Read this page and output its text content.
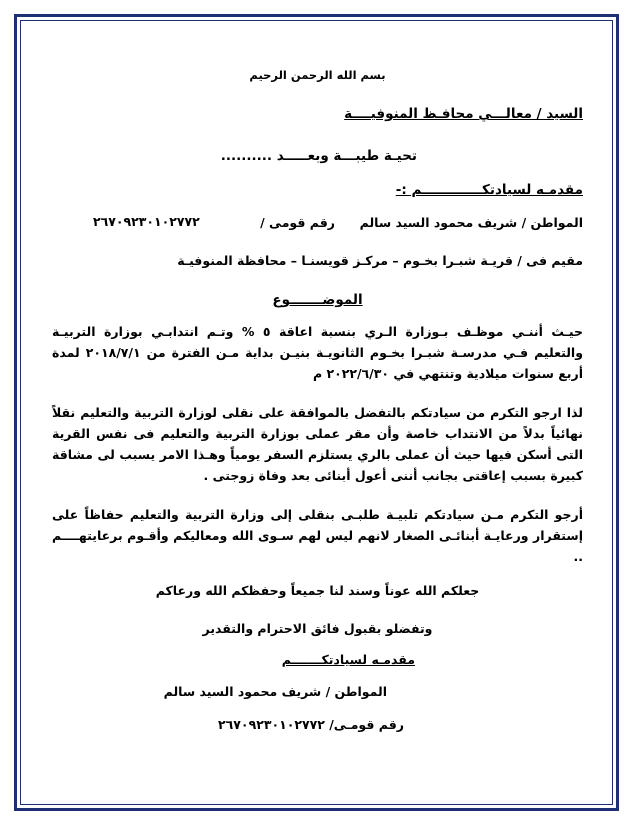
بسم الله الرحمن الرحيم
السيد / معالـــي محافـظ المنوفيــــة
تحيـة طيبـــة وبعـــــد ..........
مقدمـه لسيادتكـــــــــــــم :-
المواطن / شريف محمود السيد سالم
رقم قومى /
٢٦٧٠٩٢٣٠١٠٢٧٧٢
مقيم فى / قريـة شبـرا بخـوم – مركـز قويسنـا – محافظة المنوفيـة
الموضـــــــوع
حيـث أننـي موظـف بـوزارة الـري بنسبة اعاقة ٥ % وتـم انتدابـي بوزارة التربيـة والتعليم فـي مدرسـة شبـرا بخـوم الثانويـة بنيـن بداية مـن الفترة من ٢٠١٨/٧/١ لمدة أربع سنوات ميلادية وتنتهي في ٢٠٢٢/٦/٣٠ م
لذا ارجو التكرم من سيادتكم بالتفضل بالموافقة على نقلى لوزارة التربية والتعليم نقلاً نهائياً بدلاً من الانتداب خاصة وأن مقر عملى بوزارة التربية والتعليم فى نفس القرية التى أسكن فيها حيث أن عملى بالري يستلزم السفر يومياً وهـذا الامر يسبب لى مشاقة كبيرة بسبب إعاقتى بجانب أننى أعول أبنائى بعد وفاة زوجتى .
أرجو التكرم مـن سيادتكم تلبيـة طلبـى بنقلى إلى وزارة التربية والتعليم حفاظاً على إستقرار ورعايـة أبنائـى الصغار لانهم ليس لهم سـوى الله ومعاليكم وأقـوم برعايتهــــم ..
جعلكم الله عوناً وسند لنا جميعاً وحفظكم الله ورعاكم
وتفضلو بقبول فائق الاحترام والتقدير
مقدمـه لسيادتكـــــــم
المواطن / شريف محمود السيد سالم
رقم قومـى/ ٢٦٧٠٩٢٣٠١٠٢٧٧٢
